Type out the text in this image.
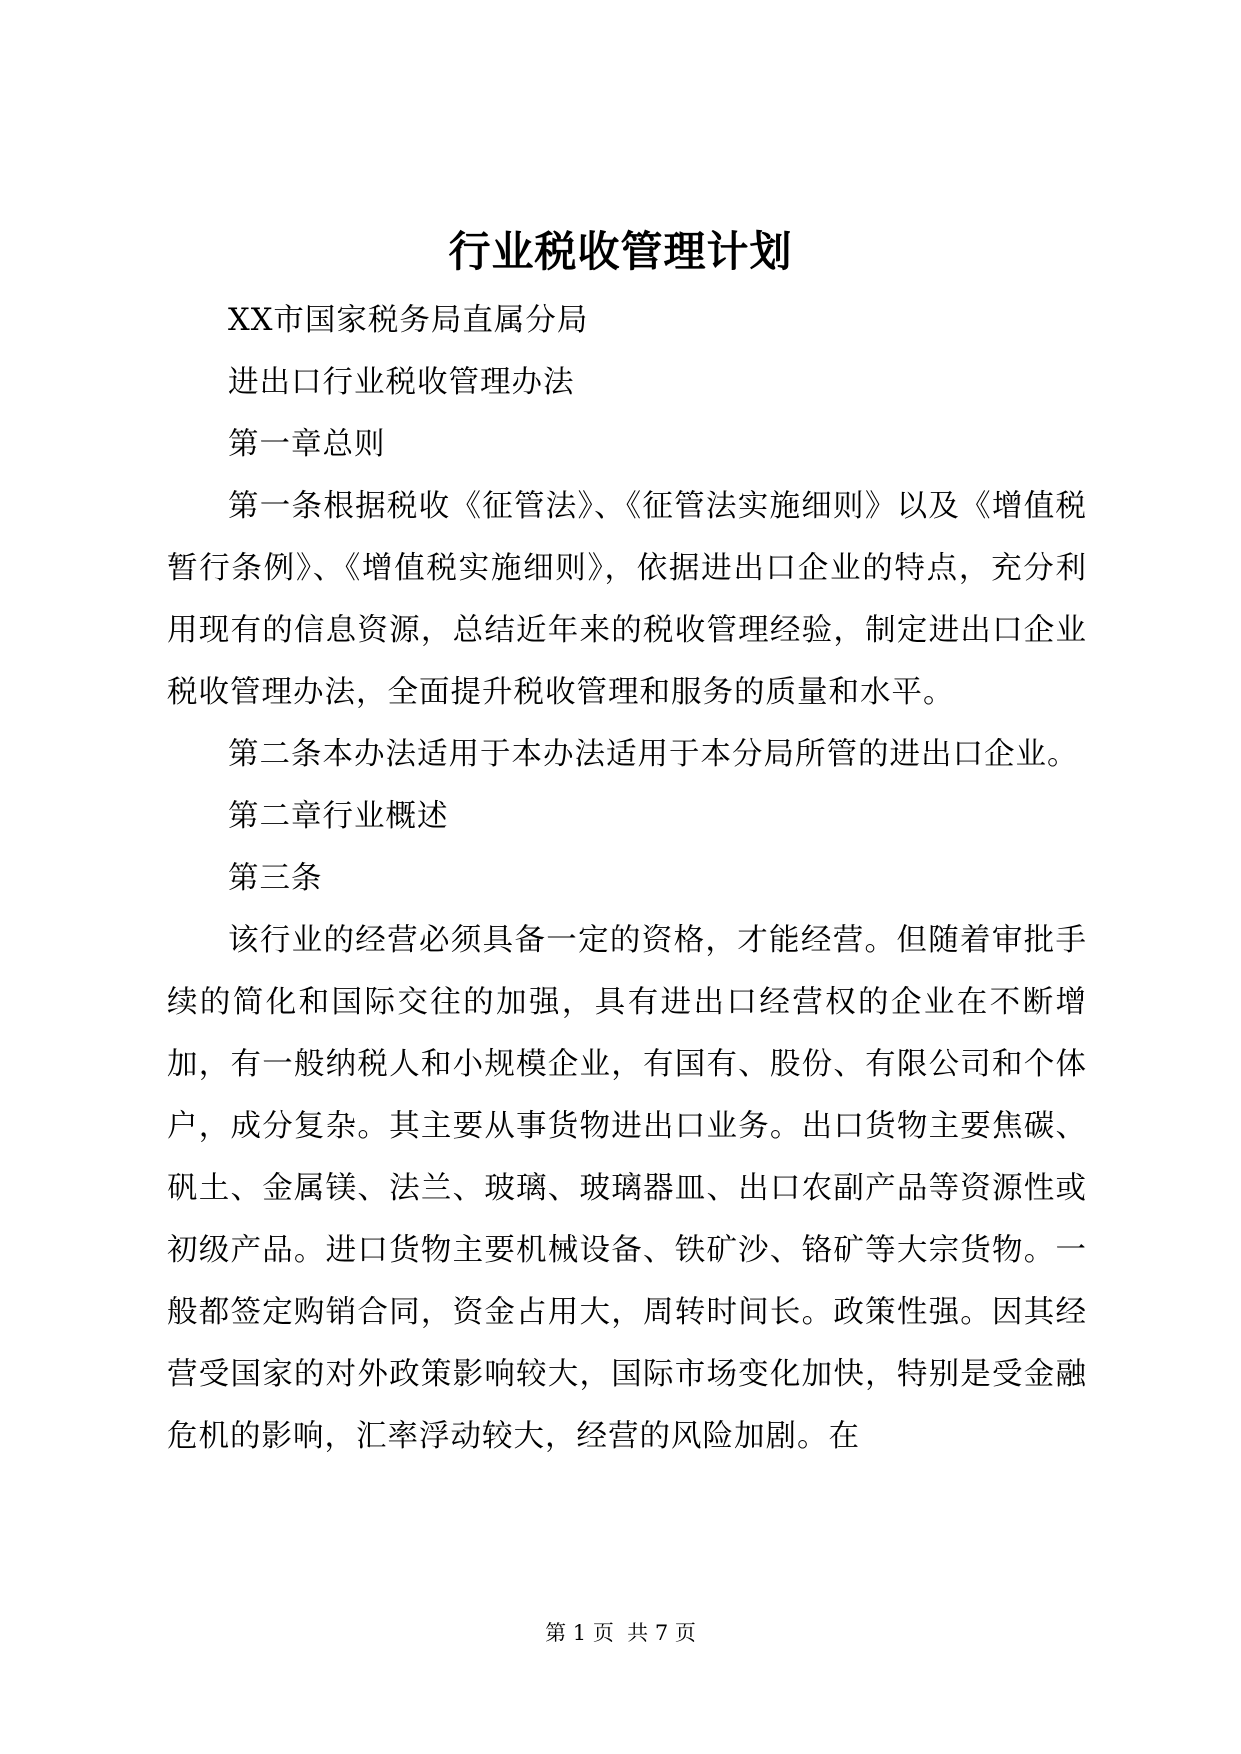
行业税收管理计划

XX市国家税务局直属分局

进出口行业税收管理办法

第一章总则

第一条根据税收《征管法》、《征管法实施细则》以及《增值税暂行条例》、《增值税实施细则》，依据进出口企业的特点，充分利用现有的信息资源，总结近年来的税收管理经验，制定进出口企业税收管理办法，全面提升税收管理和服务的质量和水平。

第二条本办法适用于本办法适用于本分局所管的进出口企业。

第二章行业概述

第三条

该行业的经营必须具备一定的资格，才能经营。但随着审批手续的简化和国际交往的加强，具有进出口经营权的企业在不断增加，有一般纳税人和小规模企业，有国有、股份、有限公司和个体户，成分复杂。其主要从事货物进出口业务。出口货物主要焦碳、矾土、金属镁、法兰、玻璃、玻璃器皿、出口农副产品等资源性或初级产品。进口货物主要机械设备、铁矿沙、铬矿等大宗货物。一般都签定购销合同，资金占用大，周转时间长。政策性强。因其经营受国家的对外政策影响较大，国际市场变化加快，特别是受金融危机的影响，汇率浮动较大，经营的风险加剧。在

第 1 页  共 7 页
